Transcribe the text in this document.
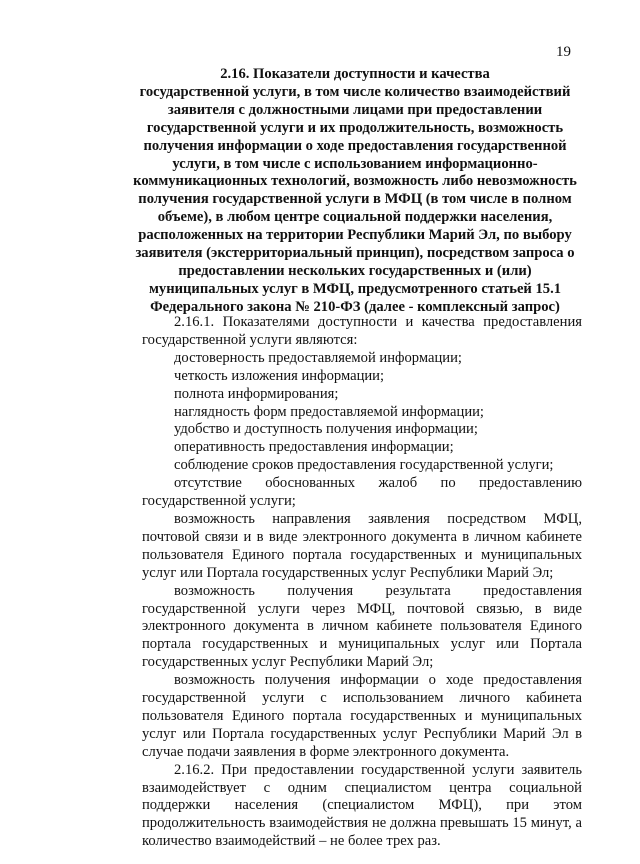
19
2.16. Показатели доступности и качества
государственной услуги, в том числе количество взаимодействий
заявителя с должностными лицами при предоставлении
государственной услуги и их продолжительность, возможность
получения информации о ходе предоставления государственной
услуги, в том числе с использованием информационно-
коммуникационных технологий, возможность либо невозможность
получения государственной услуги в МФЦ (в том числе в полном
объеме), в любом центре социальной поддержки населения,
расположенных на территории Республики Марий Эл, по выбору
заявителя (экстерриториальный принцип), посредством запроса о
предоставлении нескольких государственных и (или)
муниципальных услуг в МФЦ, предусмотренного статьей 15.1
Федерального закона № 210-ФЗ (далее - комплексный запрос)
2.16.1. Показателями доступности и качества предоставления

государственной услуги являются:

достоверность предоставляемой информации;

четкость изложения информации;

полнота информирования;

наглядность форм предоставляемой информации;

удобство и доступность получения информации;

оперативность предоставления информации;

соблюдение сроков предоставления государственной услуги;

отсутствие обоснованных жалоб по предоставлению

государственной услуги;

возможность направления заявления посредством МФЦ, почтовой связи и в виде электронного документа в личном кабинете пользователя Единого портала государственных и муниципальных услуг или Портала государственных услуг Республики Марий Эл;

возможность получения результата предоставления

государственной услуги через МФЦ, почтовой связью, в виде электронного документа в личном кабинете пользователя Единого портала государственных и муниципальных услуг или Портала государственных услуг Республики Марий Эл;

возможность получения информации о ходе предоставления государственной услуги с использованием личного кабинета пользователя Единого портала государственных и муниципальных услуг или Портала государственных услуг Республики Марий Эл в случае подачи заявления в форме электронного документа.

2.16.2. При предоставлении государственной услуги заявитель взаимодействует с одним специалистом центра социальной поддержки населения (специалистом МФЦ), при этом продолжительность взаимодействия не должна превышать 15 минут, а количество взаимодействий – не более трех раз.
